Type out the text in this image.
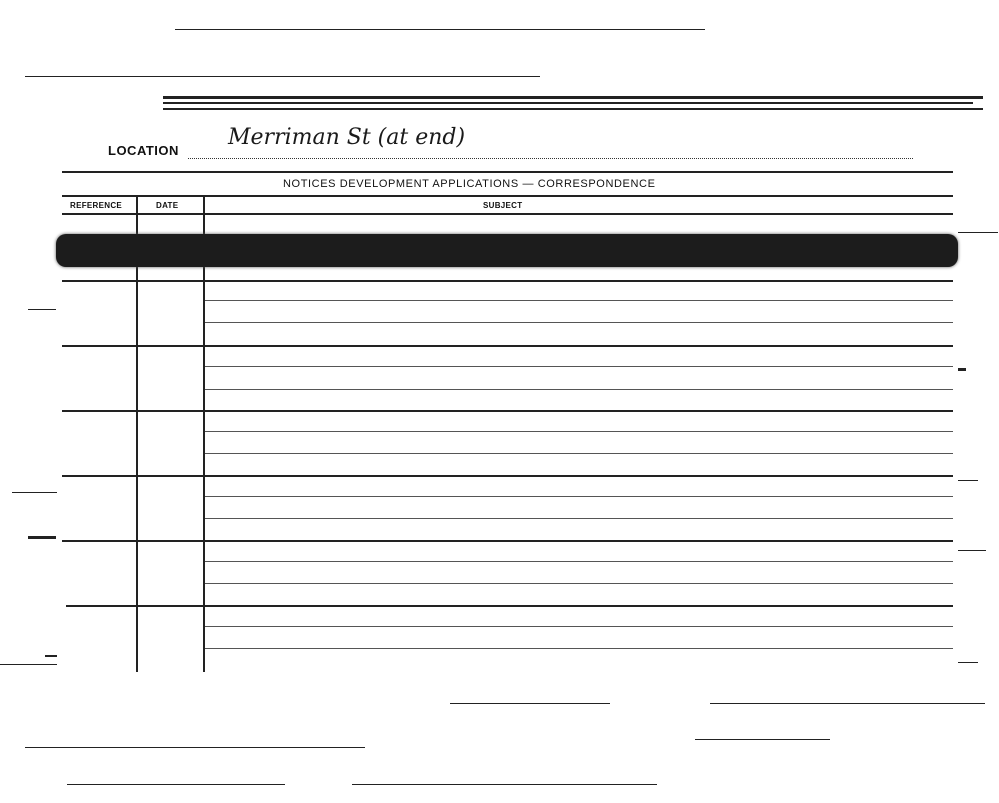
LOCATION
Merriman St (at end)
NOTICES DEVELOPMENT APPLICATIONS — CORRESPONDENCE
REFERENCE	DATE	SUBJECT
